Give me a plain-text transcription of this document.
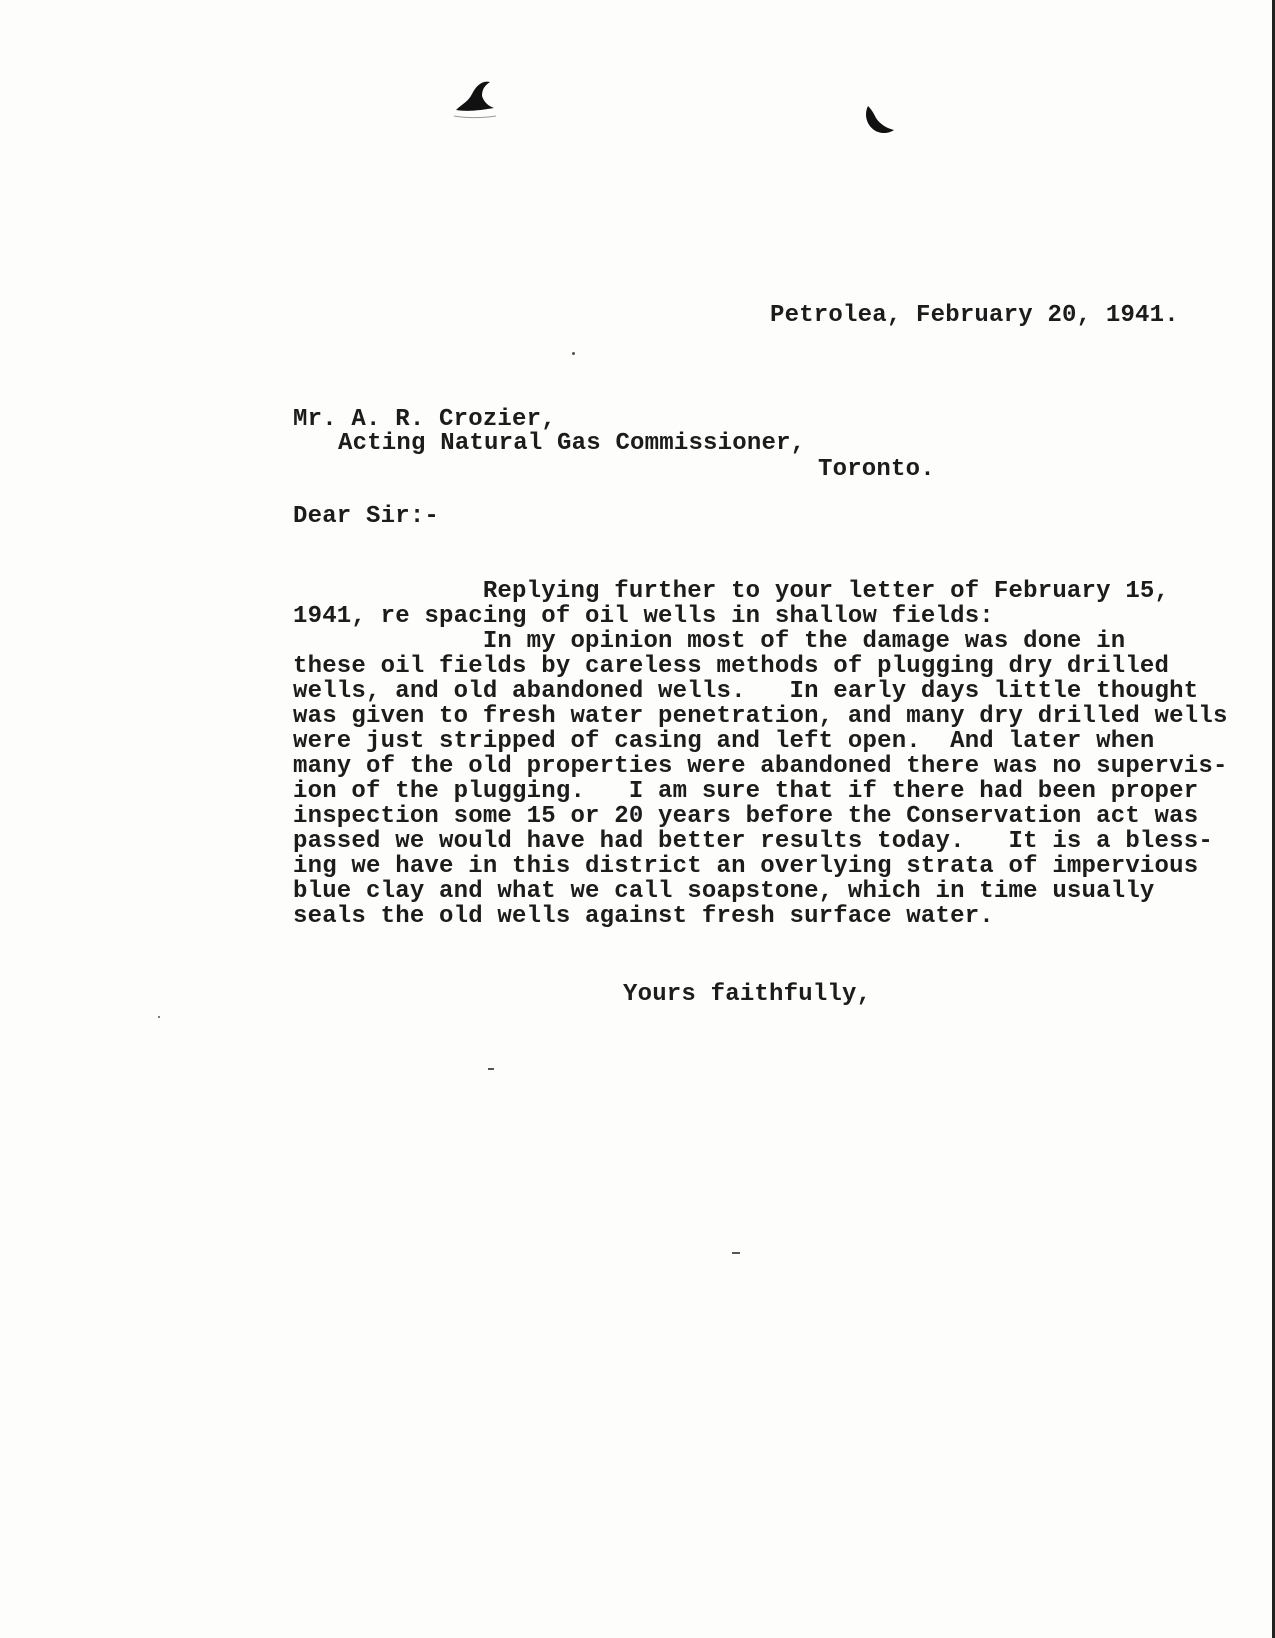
Petrolea, February 20, 1941.
Mr. A. R. Crozier,
Acting Natural Gas Commissioner,
Toronto.
Dear Sir:-
Replying further to your letter of February 15,
1941, re spacing of oil wells in shallow fields:
In my opinion most of the damage was done in
these oil fields by careless methods of plugging dry drilled
wells, and old abandoned wells.   In early days little thought
was given to fresh water penetration, and many dry drilled wells
were just stripped of casing and left open.  And later when
many of the old properties were abandoned there was no supervis-
ion of the plugging.   I am sure that if there had been proper
inspection some 15 or 20 years before the Conservation act was
passed we would have had better results today.   It is a bless-
ing we have in this district an overlying strata of impervious
blue clay and what we call soapstone, which in time usually
seals the old wells against fresh surface water.
Yours faithfully,
